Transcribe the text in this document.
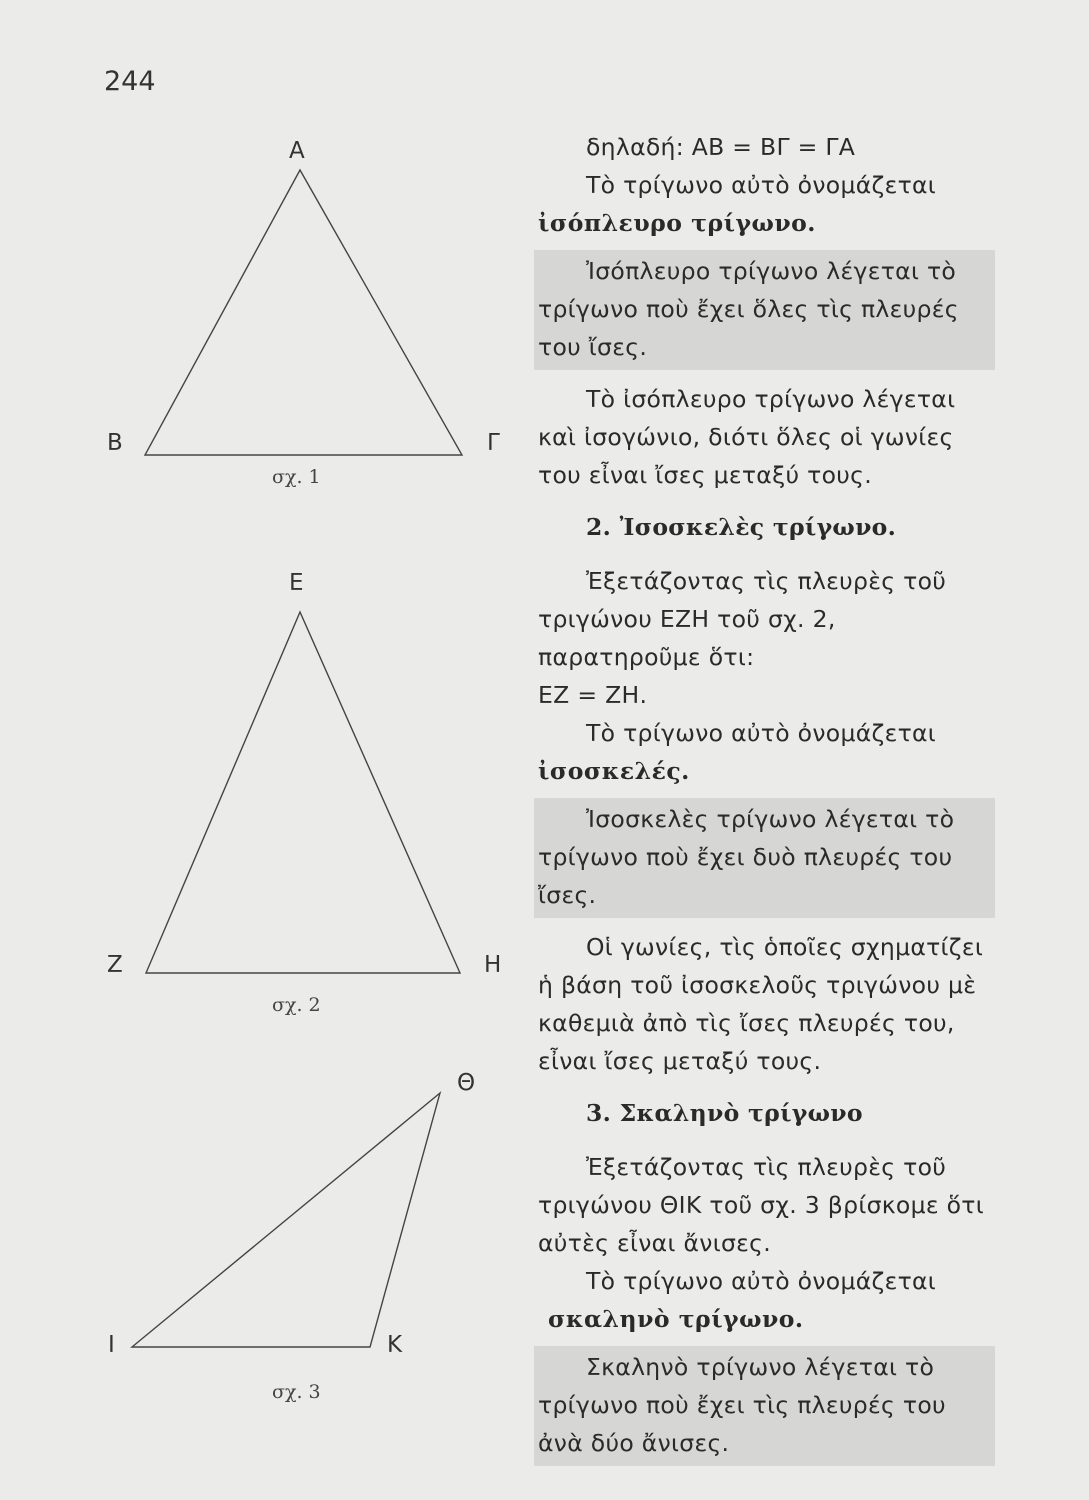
244
Α
Β	Γ
σχ. 1
Ε
Ζ	Η
σχ. 2
Θ
Ι	Κ
σχ. 3

δηλαδή: ΑΒ = ΒΓ = ΓΑ

Τὸ τρίγωνο αὐτὸ ὀνομάζεται

ἰσόπλευρο τρίγωνο.

Ἰσόπλευρο τρίγωνο λέγεται τὸ τρίγωνο ποὺ ἔχει ὅλες τὶς πλευρές του ἴσες.

Τὸ ἰσόπλευρο τρίγωνο λέγεται καὶ ἰσογώνιο, διότι ὅλες οἱ γωνίες του εἶναι ἴσες μεταξύ τους.

2. Ἰσοσκελὲς τρίγωνο.

Ἐξετάζοντας τὶς πλευρὲς τοῦ τριγώνου ΕΖΗ τοῦ σχ. 2, παρατηροῦμε ὅτι:

ΕΖ = ΖΗ.

Τὸ τρίγωνο αὐτὸ ὀνομάζεται

ἰσοσκελές.

Ἰσοσκελὲς τρίγωνο λέγεται τὸ τρίγωνο ποὺ ἔχει δυὸ πλευρές του ἴσες.

Οἱ γωνίες, τὶς ὁποῖες σχηματίζει ἡ βάση τοῦ ἰσοσκελοῦς τριγώνου μὲ καθεμιὰ ἀπὸ τὶς ἴσες πλευρές του, εἶναι ἴσες μεταξύ τους.

3. Σκαληνὸ τρίγωνο

Ἐξετάζοντας τὶς πλευρὲς τοῦ τριγώνου ΘΙΚ τοῦ σχ. 3 βρίσκομε ὅτι αὐτὲς εἶναι ἄνισες.

Τὸ τρίγωνο αὐτὸ ὀνομάζεται

σκαληνὸ τρίγωνο.

Σκαληνὸ τρίγωνο λέγεται τὸ τρίγωνο ποὺ ἔχει τὶς πλευρές του ἀνὰ δύο ἄνισες.
